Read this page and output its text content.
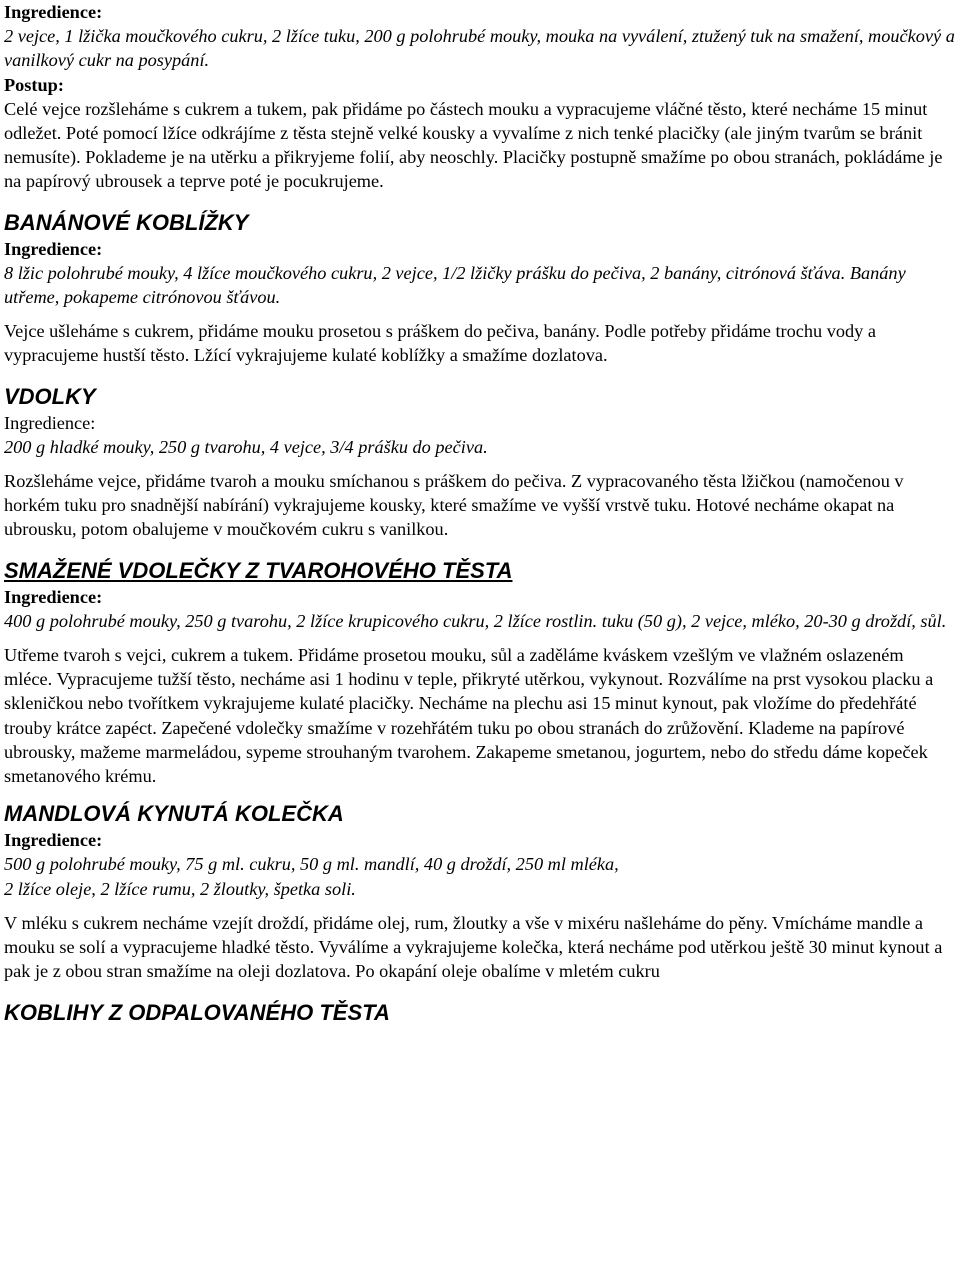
Ingredience:

2 vejce, 1 lžička moučkového cukru, 2 lžíce tuku, 200 g polohrubé mouky, mouka na vyválení, ztužený tuk na smažení, moučkový a vanilkový cukr na posypání.

Postup:

Celé vejce rozšleháme s cukrem a tukem, pak přidáme po částech mouku a vypracujeme vláčné těsto, které necháme 15 minut odležet. Poté pomocí lžíce odkrájíme z těsta stejně velké kousky a vyvalíme z nich tenké placičky (ale jiným tvarům se bránit nemusíte). Poklademe je na utěrku a přikryjeme folií, aby neoschly. Placičky postupně smažíme po obou stranách, pokládáme je na papírový ubrousek a teprve poté je pocukrujeme.

BANÁNOVÉ KOBLÍŽKY

Ingredience:

8 lžic polohrubé mouky, 4 lžíce moučkového cukru, 2 vejce, 1/2 lžičky prášku do pečiva, 2 banány, citrónová šťáva. Banány utřeme, pokapeme citrónovou šťávou.

Vejce ušleháme s cukrem, přidáme mouku prosetou s práškem do pečiva, banány. Podle potřeby přidáme trochu vody a vypracujeme hustší těsto. Lžící vykrajujeme kulaté koblížky a smažíme dozlatova.

VDOLKY

Ingredience:

200 g hladké mouky, 250 g tvarohu, 4 vejce, 3/4 prášku do pečiva.

Rozšleháme vejce, přidáme tvaroh a mouku smíchanou s práškem do pečiva. Z vypracovaného těsta lžičkou (namočenou v horkém tuku pro snadnější nabírání) vykrajujeme kousky, které smažíme ve vyšší vrstvě tuku. Hotové necháme okapat na ubrousku, potom obalujeme v moučkovém cukru s vanilkou.

SMAŽENÉ VDOLEČKY Z TVAROHOVÉHO TĚSTA

Ingredience:

400 g polohrubé mouky, 250 g tvarohu, 2 lžíce krupicového cukru, 2 lžíce rostlin. tuku (50 g), 2 vejce, mléko, 20-30 g droždí, sůl.

Utřeme tvaroh s vejci, cukrem a tukem. Přidáme prosetou mouku, sůl a zaděláme kváskem vzešlým ve vlažném oslazeném mléce. Vypracujeme tužší těsto, necháme asi 1 hodinu v teple, přikryté utěrkou, vykynout. Rozválíme na prst vysokou placku a skleničkou nebo tvořítkem vykrajujeme kulaté placičky. Necháme na plechu asi 15 minut kynout, pak vložíme do předehřáté trouby krátce zapéct. Zapečené vdolečky smažíme v rozehřátém tuku po obou stranách do zrůžovění. Klademe na papírové ubrousky, mažeme marmeládou, sypeme strouhaným tvarohem. Zakapeme smetanou, jogurtem, nebo do středu dáme kopeček smetanového krému.

MANDLOVÁ KYNUTÁ KOLEČKA

Ingredience:

500 g polohrubé mouky, 75 g ml. cukru, 50 g ml. mandlí, 40 g droždí, 250 ml mléka,

2 lžíce oleje, 2 lžíce rumu, 2 žloutky, špetka soli.

V mléku s cukrem necháme vzejít droždí, přidáme olej, rum, žloutky a vše v mixéru našleháme do pěny. Vmícháme mandle a mouku se solí a vypracujeme hladké těsto. Vyválíme a vykrajujeme kolečka, která necháme pod utěrkou ještě 30 minut kynout a pak je z obou stran smažíme na oleji dozlatova. Po okapání oleje obalíme v mletém cukru

KOBLIHY Z ODPALOVANÉHO TĚSTA
